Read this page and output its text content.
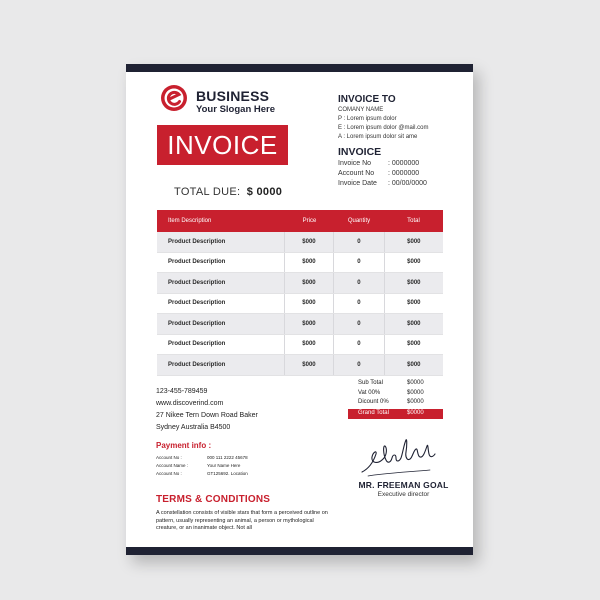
BUSINESS
Your Slogan Here
INVOICE
TOTAL DUE: $ 0000
INVOICE TO
COMANY NAME
P : Lorem ipsum dolor
E : Lorem ipsum dolor @mail.com
A : Lorem ipsum dolor sit ame
INVOICE
Invoice No : 0000000
Account No : 0000000
Invoice Date : 00/00/0000
Item Description	Price	Quantity	Total
Product Description	$000	0	$000
Product Description	$000	0	$000
Product Description	$000	0	$000
Product Description	$000	0	$000
Product Description	$000	0	$000
Product Description	$000	0	$000
Product Description	$000	0	$000
Sub Total	$0000
Vat 00%	$0000
Dicount 0%	$0000
Grand Total	$0000
123-455-789459
www.discoverind.com
27 Nikee Tern Down Road Baker
Sydney Australia B4500
Payment info :
Account No :	000 111 2222 45678
Account Name :	Your Name Here
Account No :	GT125692. Location
TERMS & CONDITIONS
A constellation consists of visible stars that form a perceived outline on pattern, usually representing an animal, a person or mythological creature, or an inanimate object. Not all
MR. FREEMAN GOAL
Executive director
